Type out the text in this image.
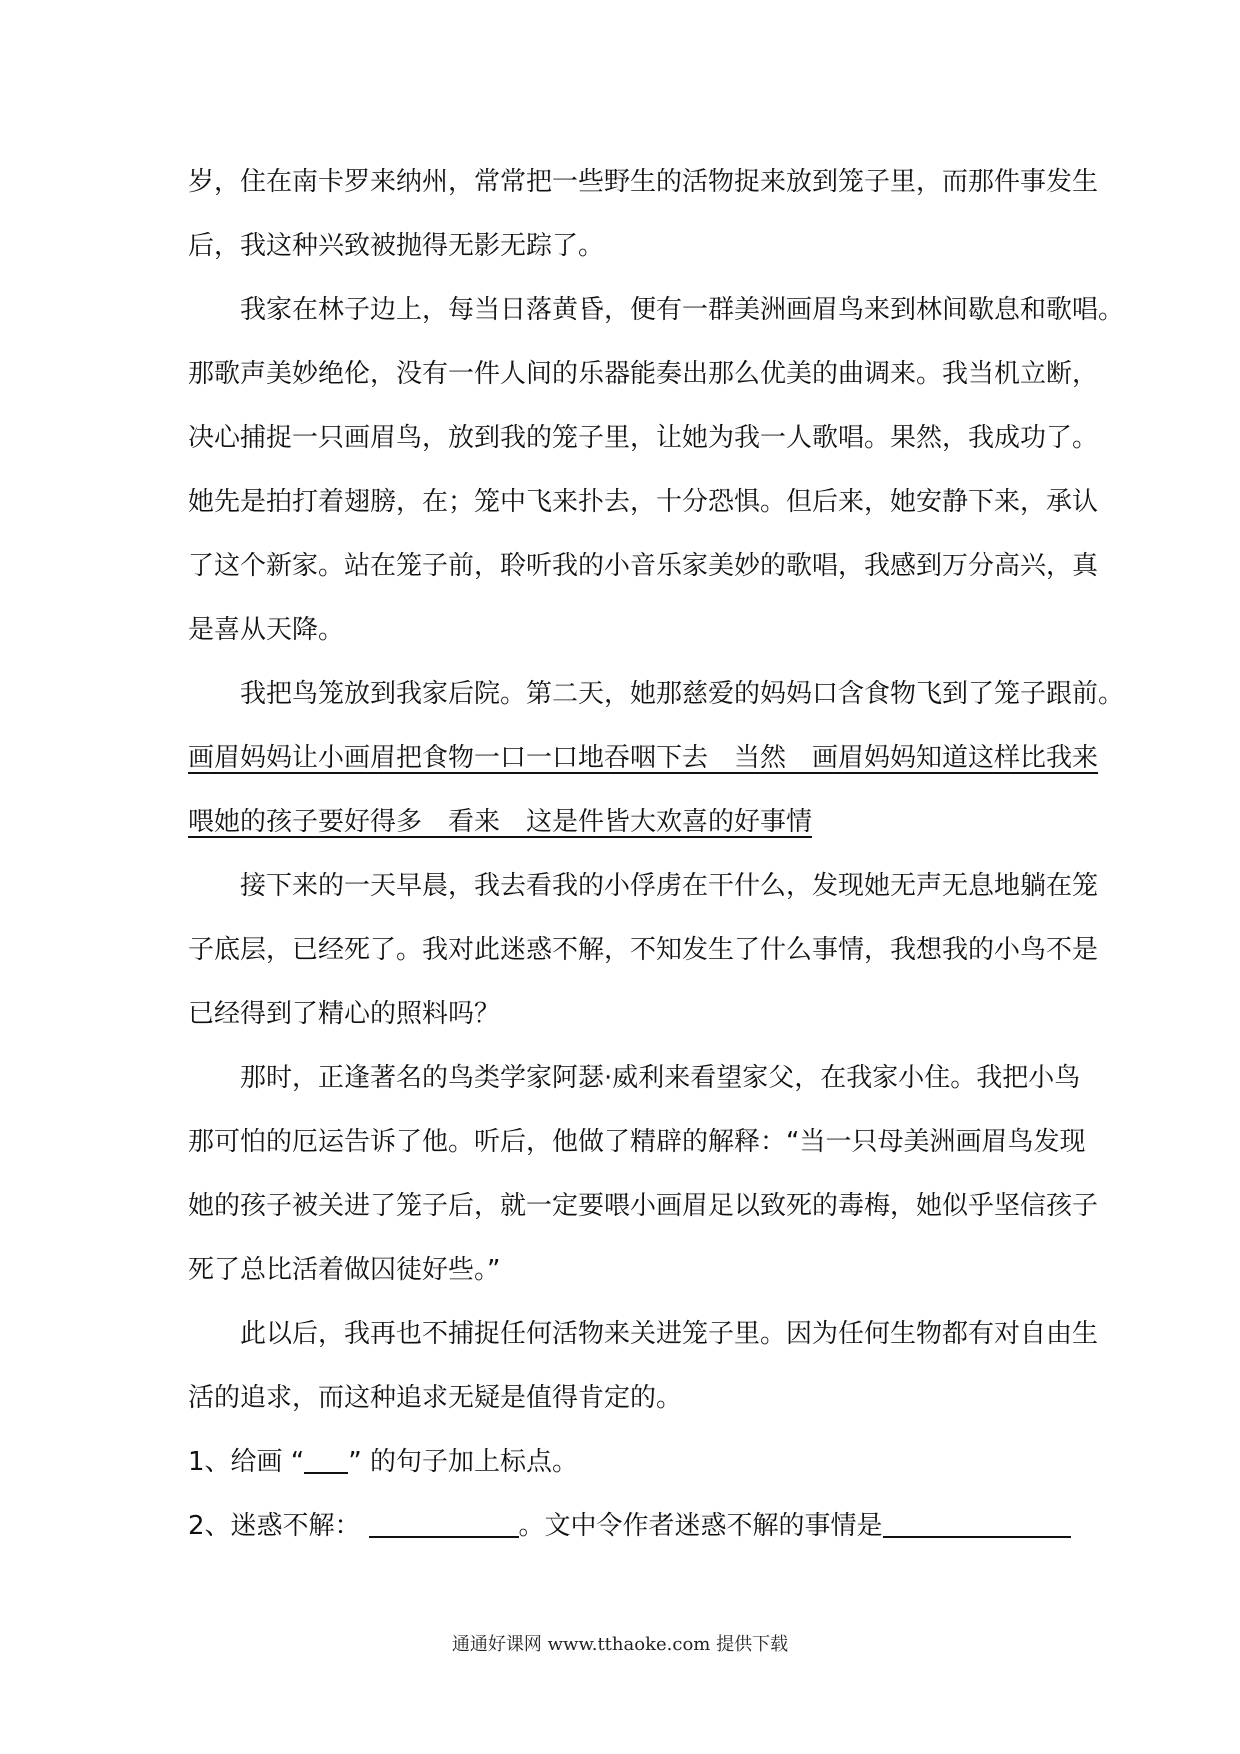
岁，住在南卡罗来纳州，常常把一些野生的活物捉来放到笼子里，而那件事发生
后，我这种兴致被抛得无影无踪了。
我家在林子边上，每当日落黄昏，便有一群美洲画眉鸟来到林间歇息和歌唱。
那歌声美妙绝伦，没有一件人间的乐器能奏出那么优美的曲调来。我当机立断，
决心捕捉一只画眉鸟，放到我的笼子里，让她为我一人歌唱。果然，我成功了。
她先是拍打着翅膀，在；笼中飞来扑去，十分恐惧。但后来，她安静下来，承认
了这个新家。站在笼子前，聆听我的小音乐家美妙的歌唱，我感到万分高兴，真
是喜从天降。
我把鸟笼放到我家后院。第二天，她那慈爱的妈妈口含食物飞到了笼子跟前。
画眉妈妈让小画眉把食物一口一口地吞咽下去　当然　画眉妈妈知道这样比我来
喂她的孩子要好得多　看来　这是件皆大欢喜的好事情
接下来的一天早晨，我去看我的小俘虏在干什么，发现她无声无息地躺在笼
子底层，已经死了。我对此迷惑不解，不知发生了什么事情，我想我的小鸟不是
已经得到了精心的照料吗？
那时，正逢著名的鸟类学家阿瑟·威利来看望家父，在我家小住。我把小鸟
那可怕的厄运告诉了他。听后，他做了精辟的解释：“当一只母美洲画眉鸟发现
她的孩子被关进了笼子后，就一定要喂小画眉足以致死的毒梅，她似乎坚信孩子
死了总比活着做囚徒好些。”
此以后，我再也不捕捉任何活物来关进笼子里。因为任何生物都有对自由生
活的追求，而这种追求无疑是值得肯定的。
1、给画 “ ” 的句子加上标点。
2、迷惑不解：	。文中令作者迷惑不解的事情是
通通好课网 www.tthaoke.com 提供下载
